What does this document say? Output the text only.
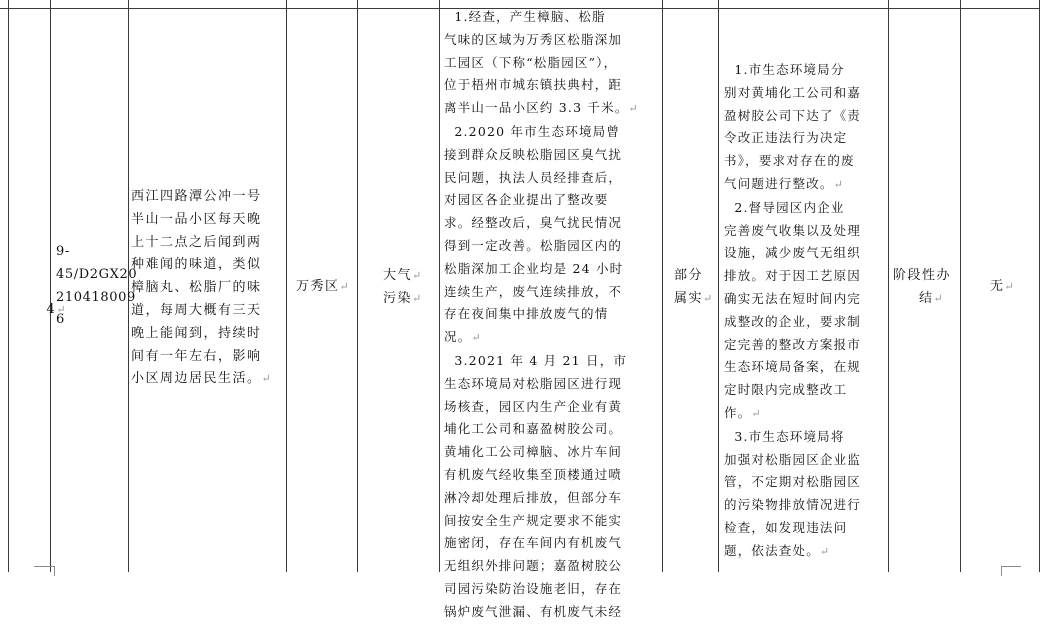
4↵

9-
45/D2GX20
210418009
6
西江四路潭公冲一号
半山一品小区每天晚
上十二点之后闻到两
种难闻的味道，类似
樟脑丸、松脂厂的味
道，每周大概有三天
晚上能闻到，持续时
间有一年左右，影响
小区周边居民生活。↵
万秀区↵
大气↵
污染↵
1.经查，产生樟脑、松脂
气味的区域为万秀区松脂深加
工园区（下称“松脂园区”），
位于梧州市城东镇扶典村，距
离半山一品小区约 3.3 千米。↵
2.2020 年市生态环境局曾
接到群众反映松脂园区臭气扰
民问题，执法人员经排查后，
对园区各企业提出了整改要
求。经整改后，臭气扰民情况
得到一定改善。松脂园区内的
松脂深加工企业均是 24 小时
连续生产，废气连续排放，不
存在夜间集中排放废气的情
况。↵
3.2021 年 4 月 21 日，市
生态环境局对松脂园区进行现
场核查，园区内生产企业有黄
埔化工公司和嘉盈树胶公司。
黄埔化工公司樟脑、冰片车间
有机废气经收集至顶楼通过喷
淋冷却处理后排放，但部分车
间按安全生产规定要求不能实
施密闭，存在车间内有机废气
无组织外排问题；嘉盈树胶公
司园污染防治设施老旧，存在
锅炉废气泄漏、有机废气未经
部分
属实↵
1.市生态环境局分
别对黄埔化工公司和嘉
盈树胶公司下达了《责
令改正违法行为决定
书》，要求对存在的废
气问题进行整改。↵
2.督导园区内企业
完善废气收集以及处理
设施，减少废气无组织
排放。对于因工艺原因
确实无法在短时间内完
成整改的企业，要求制
定完善的整改方案报市
生态环境局备案，在规
定时限内完成整改工
作。↵
3.市生态环境局将
加强对松脂园区企业监
管，不定期对松脂园区
的污染物排放情况进行
检查，如发现违法问
题，依法查处。↵
阶段性办
结↵
无↵
